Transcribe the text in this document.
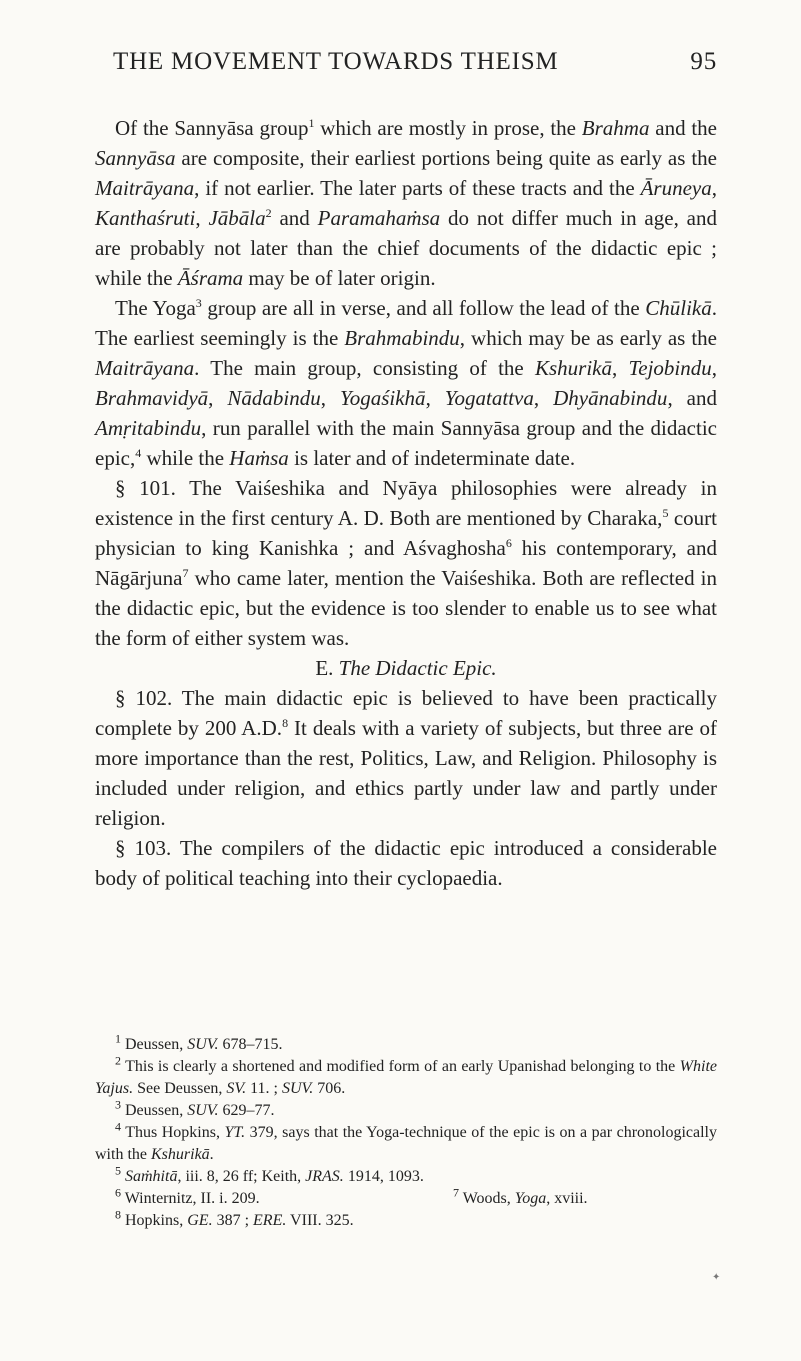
THE MOVEMENT TOWARDS THEISM	95

Of the Sannyāsa group$^1$ which are mostly in prose, the Brahma and the Sannyāsa are composite, their earliest portions being quite as early as the Maitrāyana, if not earlier. The later parts of these tracts and the Āruneya, Kanthaśruti, Jābāla$^2$ and Paramahaṁsa do not differ much in age, and are probably not later than the chief documents of the didactic epic ; while the Āśrama may be of later origin.

The Yoga$^3$ group are all in verse, and all follow the lead of the Chūlikā. The earliest seemingly is the Brahmabindu, which may be as early as the Maitrāyana. The main group, consisting of the Kshurikā, Tejobindu, Brahmavidyā, Nādabindu, Yogaśikhā, Yogatattva, Dhyānabindu, and Amṛitabindu, run parallel with the main Sannyāsa group and the didactic epic,$^4$ while the Haṁsa is later and of indeterminate date.

§ 101. The Vaiśeshika and Nyāya philosophies were already in existence in the first century A. D. Both are mentioned by Charaka,$^5$ court physician to king Kanishka ; and Aśvaghosha$^6$ his contemporary, and Nāgārjuna$^7$ who came later, mention the Vaiśeshika. Both are reflected in the didactic epic, but the evidence is too slender to enable us to see what the form of either system was.

E. The Didactic Epic.

§ 102. The main didactic epic is believed to have been practically complete by 200 A.D.$^8$ It deals with a variety of subjects, but three are of more importance than the rest, Politics, Law, and Religion. Philosophy is included under religion, and ethics partly under law and partly under religion.

§ 103. The compilers of the didactic epic introduced a considerable body of political teaching into their cyclopaedia.

$^1$ Deussen, SUV. 678–715.
$^2$ This is clearly a shortened and modified form of an early Upanishad belonging to the White Yajus. See Deussen, SV. 11. ; SUV. 706.
$^3$ Deussen, SUV. 629–77.
$^4$ Thus Hopkins, YT. 379, says that the Yoga-technique of the epic is on a par chronologically with the Kshurikā.
$^5$ Saṁhitā, iii. 8, 26 ff; Keith, JRAS. 1914, 1093.
$^6$ Winternitz, II. i. 209.	$^7$ Woods, Yoga, xviii.
$^8$ Hopkins, GE. 387 ; ERE. VIII. 325.
✦
